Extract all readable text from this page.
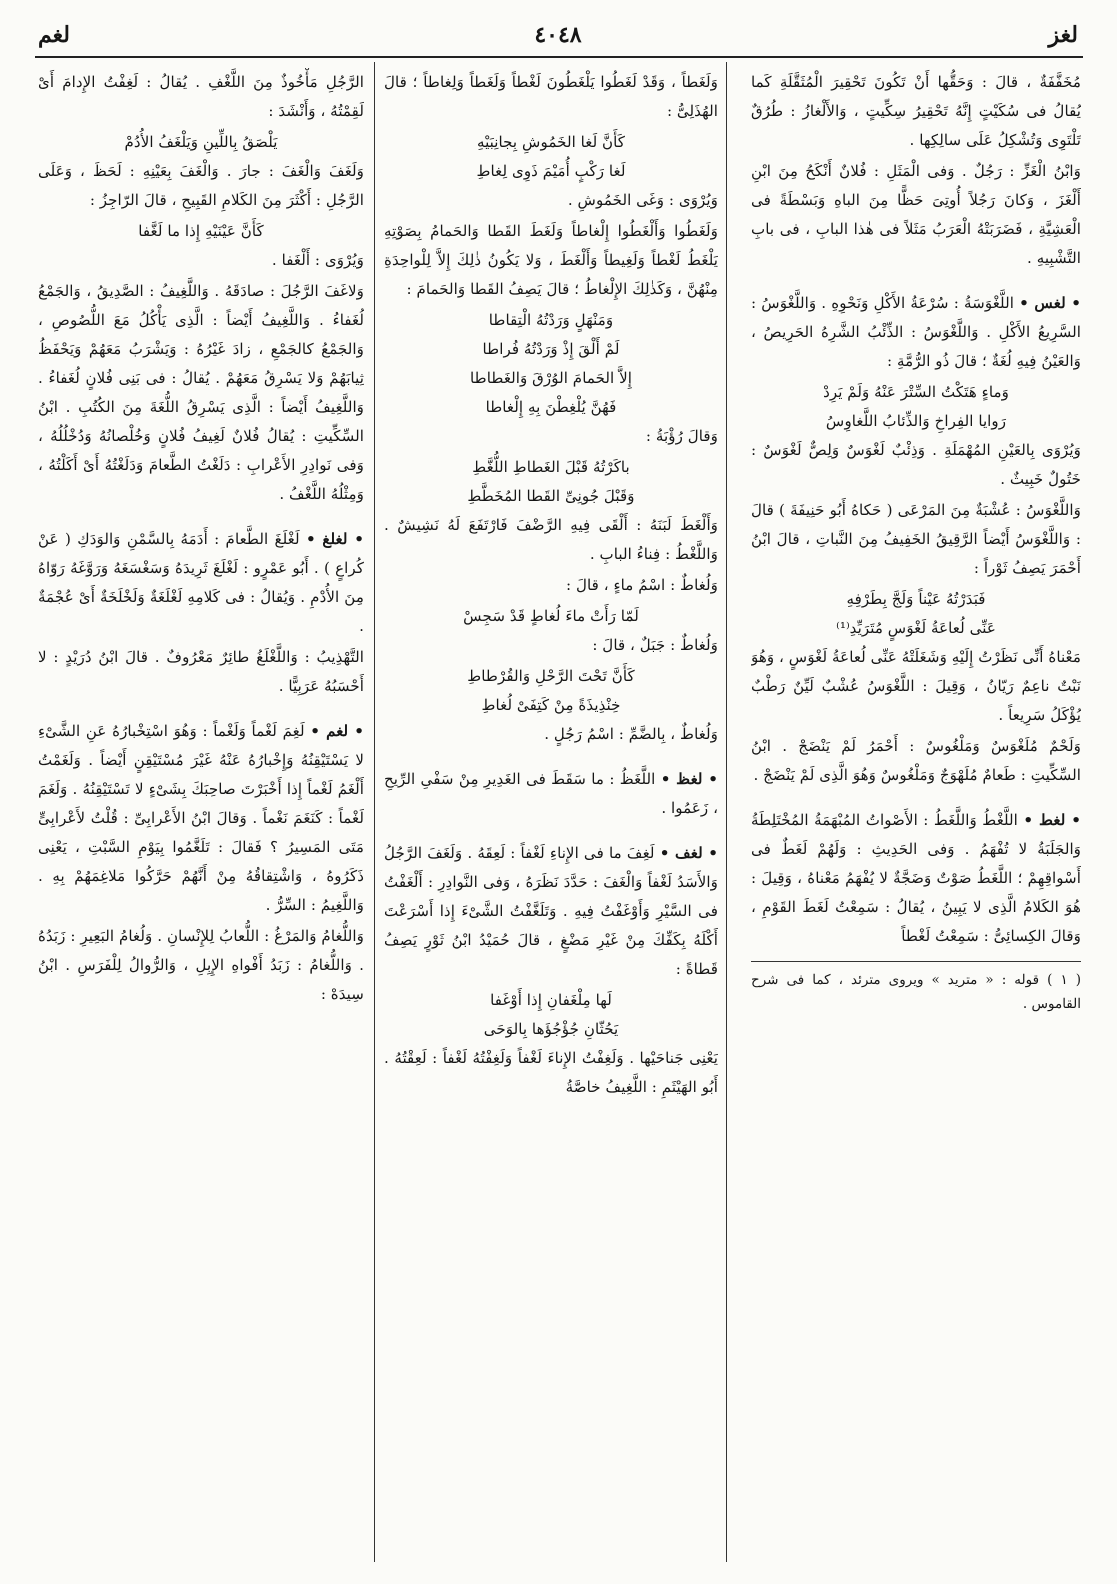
لغز
٤٠٤٨
لغم

مُخَفَّفَةٌ ، قالَ : وَحَقُّها أَنْ تَكُونَ تَحْقِيرَ الْمُثَقَّلَةِ كَما يُقالُ فى سُكَيْتٍ إِنَّهُ تَحْقِيرُ سِكِّيتٍ ، وَالأَلْغازُ : طُرُقٌ تَلْتَوِى وَتُشْكِلُ عَلَى سالِكِها .

وَابْنُ الْغَزِّ : رَجُلٌ . وَفى الْمَثَلِ : فُلانٌ أَنْكَحُ مِنَ ابْنِ أَلْغَزَ ، وَكانَ رَجُلاً أُوتِىَ حَظًّا مِنَ الباهِ وَبَسْطَةً فى الْعَشِيَّةِ ، فَضَرَبَتْهُ الْعَرَبُ مَثَلاً فى هٰذا البابِ ، فى بابِ التَّشْبِيهِ .

• لغس • اللَّغْوَسَةُ : سُرْعَةُ الأَكْلِ وَنَحْوِهِ . وَاللَّغْوَسُ : السَّرِيعُ الأَكْلِ . وَاللَّغْوَسُ : الذِّئْبُ الشَّرِهُ الحَرِيصُ ، وَالعَيْنُ فِيهِ لُغَةٌ ؛ قالَ ذُو الرُّمَّةِ :

وَماءٍ هَتَكْتُ السِّتْرَ عَنْهُ وَلَمْ يَرِدْ

رَوايا الفِراخِ وَالذِّئابُ اللَّغاوِسُ

وَيُرْوَى بِالعَيْنِ المُهْمَلَةِ . وَذِئْبٌ لَغْوَسٌ وَلِصٌّ لَغْوَسٌ : خَتُولٌ خَبِيثٌ .

وَاللَّغْوَسُ : عُشْبَةٌ مِنَ المَرْعَى ( حَكاهُ أَبُو حَنِيفَةَ ) قالَ : وَاللَّغْوَسُ أَيْضاً الرَّقِيقُ الخَفِيفُ مِنَ النَّباتِ ، قالَ ابْنُ أَحْمَرَ يَصِفُ ثَوْراً :

فَبَدَرْتُهُ عَيْناً وَلَجَّ بِطَرْفِهِ

عَنِّى لُعاعَةُ لَغْوَسٍ مُتَرَيِّدِ⁽¹⁾

مَعْناهُ أَنِّى نَظَرْتُ إِلَيْهِ وَشَغَلَتْهُ عَنِّى لُعاعَةُ لَغْوَسٍ ، وَهُوَ نَبْتٌ ناعِمٌ رَيّانُ ، وَقِيلَ : اللَّغْوَسُ عُشْبٌ لَيِّنٌ رَطْبٌ يُؤْكَلُ سَرِيعاً .

وَلَحْمٌ مُلَغْوَسٌ وَمَلْغُوسٌ : أَحْمَرُ لَمْ يَنْضَجْ . ابْنُ السِّكِّيتِ : طَعامٌ مُلَهْوَجٌ وَمَلْغُوسٌ وَهُوَ الَّذِى لَمْ يَنْضَجْ .

• لغط • اللَّغْطُ وَاللَّغَطُ : الأَصْواتُ المُبْهَمَةُ المُخْتَلِطَةُ وَالجَلَبَةُ لا تُفْهَمُ . وَفى الحَدِيثِ : وَلَهُمْ لَغَطٌ فى أَسْواقِهِمْ ؛ اللَّغَطُ صَوْتٌ وَضَجَّةٌ لا يُفْهَمُ مَعْناهُ ، وَقِيلَ : هُوَ الكَلامُ الَّذِى لا يَبِينُ ، يُقالُ : سَمِعْتُ لَغَطَ القَوْمِ ، وَقالَ الكِسائِىُّ : سَمِعْتُ لَغْطاً

( ١ ) قوله : « متريد » ويروى مترئد ، كما فى شرح القاموس .

وَلَغَطاً ، وَقَدْ لَغَطُوا يَلْغَطُونَ لَغْطاً وَلَغَطاً وَلِغاطاً ؛ قالَ الهُذَلِىُّ :

كَأَنَّ لَغا الخَمُوشِ بِجانِبَيْهِ

لَغا رَكْبٍ أُمَيْمَ ذَوِى لِغاطِ

وَيُرْوَى : وَغَى الخَمُوشِ .

وَلَغَطُوا وَأَلْغَطُوا إِلْغاطاً وَلَغَطَ القَطا وَالحَمامُ بِصَوْتِهِ يَلْغَطُ لَغْطاً وَلَغِيطاً وَأَلْغَطَ ، وَلا يَكُونُ ذٰلِكَ إِلاَّ لِلْواحِدَةِ مِنْهُنَّ ، وَكَذٰلِكَ الإِلْغاطُ ؛ قالَ يَصِفُ القَطا وَالحَمامَ :

وَمَنْهَلٍ وَرَدْتُهُ الْتِقاطا

لَمْ أَلْقَ إِذْ وَرَدْتُهُ فُراطا

إِلاَّ الحَمامَ الوُرْقَ وَالغَطاطا

فَهُنَّ يُلْغِطْنَ بِهِ إِلْغاطا

وَقالَ رُؤْبَةُ :

باكَرْتُهُ قَبْلَ الغَطاطِ اللُّغَّطِ

وَقَبْلَ جُونِىِّ القَطا المُخَطَّطِ

وَأَلْغَطَ لَبَنَهُ : أَلْقَى فِيهِ الرَّضْفَ فَارْتَفَعَ لَهُ نَشِيشٌ . وَاللَّغْطُ : فِناءُ البابِ .

وَلُغاطٌ : اسْمُ ماءٍ ، قالَ :

لَمّا رَأَتْ ماءَ لُغاطٍ قَدْ سَجِسْ

وَلُغاطٌ : جَبَلٌ ، قالَ :

كَأَنَّ تَحْتَ الرَّحْلِ وَالقُرْطاطِ

خِنْذِيذَةً مِنْ كَتِفَىْ لُغاطِ

وَلُغاطٌ ، بِالضَّمِّ : اسْمُ رَجُلٍ .

• لغظ • اللَّغَظُ : ما سَقَطَ فى الغَدِيرِ مِنْ سَفْىِ الرِّيحِ ، زَعَمُوا .

• لغف • لَغِفَ ما فى الإِناءِ لَغْفاً : لَعِقَهُ . وَلَغَفَ الرَّجُلُ وَالأَسَدُ لَغْفاً وَالْغَفَ : حَدَّدَ نَظَرَهُ ، وَفى النَّوادِرِ : أَلْغَفْتُ فى السَّيْرِ وَأَوْغَفْتُ فِيهِ . وَتَلَغَّفْتُ الشَّىْءَ إِذا أَسْرَعْتَ أَكْلَهُ بِكَفِّكَ مِنْ غَيْرِ مَضْغٍ ، قالَ حُمَيْدُ ابْنُ ثَوْرٍ يَصِفُ قَطاةً :

لَها مِلْغَفانِ إِذا أَوْغَفا

يَحُثّانِ جُؤْجُؤَها بِالوَحَى

يَعْنِى جَناحَيْها . وَلَغِفْتُ الإِناءَ لَغْفاً وَلَغِفْتُهُ لَغْفاً : لَعِقْتُهُ . أَبُو الهَيْثَمِ : اللَّغِيفُ خاصَّةُ

الرَّجُلِ مَأْخُوذٌ مِنَ اللَّغْفِ . يُقالُ : لَغِفْتُ الإِدامَ أَىْ لَقِمْتُهُ ، وَأَنْشَدَ :

يَلْصَقُ بِاللِّينِ وَيَلْغَفُ الأُدُمْ

وَلَغَفَ وَالْغَفَ : جارَ . وَالْغَفَ بِعَيْنِهِ : لَحَظَ ، وَعَلَى الرَّجُلِ : أَكْثَرَ مِنَ الكَلامِ القَبِيحِ ، قالَ الرّاجِزُ :

كَأَنَّ عَيْنَيْهِ إِذا ما لَغَّفا

وَيُرْوَى : أَلْغَفا .

وَلاغَفَ الرَّجُلَ : صادَقَهُ . وَاللَّغِيفُ : الصَّدِيقُ ، وَالجَمْعُ لُغَفاءُ . وَاللَّغِيفُ أَيْضاً : الَّذِى يَأْكُلُ مَعَ اللُّصُوصِ ، وَالجَمْعُ كالجَمْعِ ، زادَ غَيْرُهُ : وَيَشْرَبُ مَعَهُمْ وَيَحْفَظُ ثِيابَهُمْ وَلا يَسْرِقُ مَعَهُمْ . يُقالُ : فى بَنِى فُلانٍ لُغَفاءُ . وَاللَّغِيفُ أَيْضاً : الَّذِى يَسْرِقُ اللُّغَةَ مِنَ الكُتُبِ . ابْنُ السِّكِّيتِ : يُقالُ فُلانٌ لَغِيفُ فُلانٍ وَخُلْصانُهُ وَدُخْلُلُهُ ، وَفى نَوادِرِ الأَعْرابِ : دَلَغْتُ الطَّعامَ وَدَلَغْتُهُ أَىْ أَكَلْتُهُ ، وَمِثْلُهُ اللَّغْفُ .

• لغلغ • لَغْلَغَ الطَّعامَ : أَدَمَهُ بِالسَّمْنِ وَالوَدَكِ ( عَنْ كُراعٍ ) . أَبُو عَمْرٍو : لَغْلَغَ ثَرِيدَهُ وَسَغْسَغَهُ وَرَوَّغَهُ رَوّاهُ مِنَ الأُدْمِ . وَيُقالُ : فى كَلامِهِ لَغْلَغَةٌ وَلَخْلَخَةٌ أَىْ عُجْمَةٌ .

التَّهْذِيبُ : وَاللَّغْلَغُ طائِرٌ مَعْرُوفٌ . قالَ ابْنُ دُرَيْدٍ : لا أَحْسَبُهُ عَرَبِيًّا .

• لغم • لَغِمَ لَغْماً وَلَغْماً : وَهُوَ اسْتِخْبارُهُ عَنِ الشَّىْءِ لا يَسْتَيْقِنُهُ وَإِخْبارُهُ عَنْهُ غَيْرَ مُسْتَيْقِنٍ أَيْضاً . وَلَغَمْتُ أَلْغَمُ لَغْماً إِذا أَخْبَرْتَ صاحِبَكَ بِشَىْءٍ لا تَسْتَيْقِنُهُ . وَلَغَمَ لَغْماً : كَنَغَمَ نَغْماً . وَقالَ ابْنُ الأَعْرابِىِّ : قُلْتُ لأَعْرابِىٍّ مَتَى المَسِيرُ ؟ فَقالَ : تَلَغَّمُوا بِيَوْمِ السَّبْتِ ، يَعْنِى ذَكَرُوهُ ، وَاشْتِقاقُهُ مِنْ أَنَّهُمْ حَرَّكُوا مَلاغِمَهُمْ بِهِ . وَاللَّغِيمُ : السِّرُّ .

وَاللُّغامُ وَالمَرْغُ : اللُّعابُ لِلإِنْسانِ . وَلُغامُ البَعِيرِ : زَبَدُهُ . وَاللُّغامُ : زَبَدُ أَفْواهِ الإِبِلِ ، وَالرُّوالُ لِلْفَرَسِ . ابْنُ سِيدَهْ :
